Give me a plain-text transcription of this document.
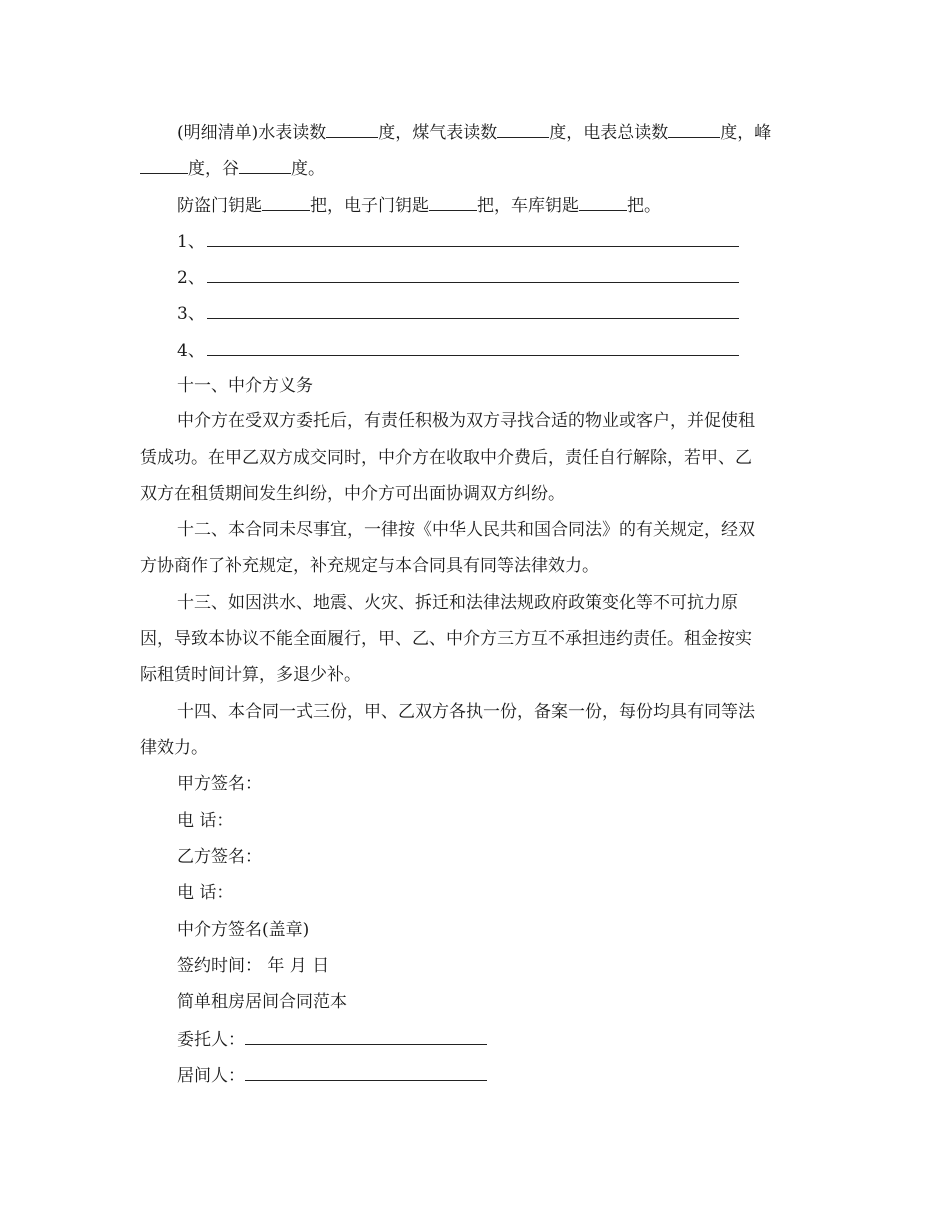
(明细清单)水表读数	度，煤气表读数	度，电表总读数	度，峰
度，谷	度。
防盗门钥匙	把，电子门钥匙	把，车库钥匙	把。
1、
2、
3、
4、
十一、中介方义务
中介方在受双方委托后，有责任积极为双方寻找合适的物业或客户，并促使租
赁成功。在甲乙双方成交同时，中介方在收取中介费后，责任自行解除，若甲、乙
双方在租赁期间发生纠纷，中介方可出面协调双方纠纷。
十二、本合同未尽事宜，一律按《中华人民共和国合同法》的有关规定，经双
方协商作了补充规定，补充规定与本合同具有同等法律效力。
十三、如因洪水、地震、火灾、拆迁和法律法规政府政策变化等不可抗力原
因，导致本协议不能全面履行，甲、乙、中介方三方互不承担违约责任。租金按实
际租赁时间计算，多退少补。
十四、本合同一式三份，甲、乙双方各执一份，备案一份，每份均具有同等法
律效力。
甲方签名：
电 话：
乙方签名：
电 话：
中介方签名(盖章)
签约时间： 年 月 日
简单租房居间合同范本
委托人：
居间人：
